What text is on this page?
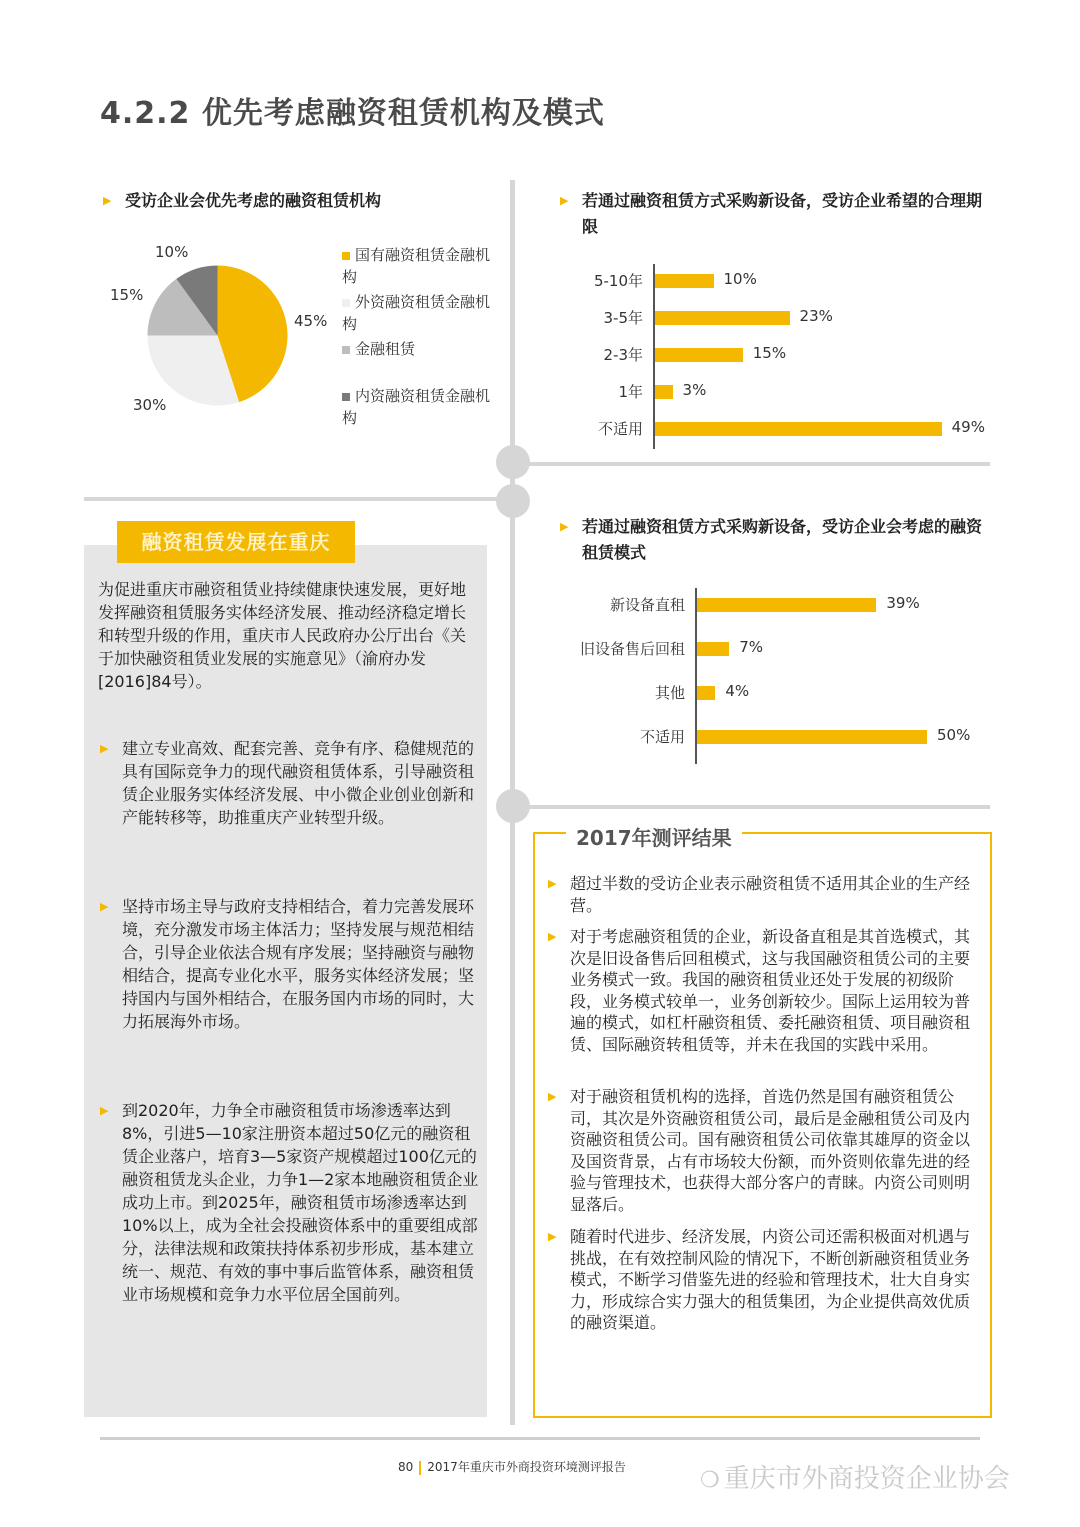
4.2.2 优先考虑融资租赁机构及模式
▶ 受访企业会优先考虑的融资租赁机构
10%
15%
45%
30%
国有融资租赁金融机构
外资融资租赁金融机构
金融租赁
内资融资租赁金融机构
▶ 若通过融资租赁方式采购新设备，受访企业希望的合理期限
5-10年	10%
3-5年	23%
2-3年	15%
1年	3%
不适用	49%
▶ 若通过融资租赁方式采购新设备，受访企业会考虑的融资租赁模式
新设备直租	39%
旧设备售后回租	7%
其他	4%
不适用	50%
融资租赁发展在重庆
为促进重庆市融资租赁业持续健康快速发展，更好地发挥融资租赁服务实体经济发展、推动经济稳定增长和转型升级的作用，重庆市人民政府办公厅出台《关于加快融资租赁业发展的实施意见》（渝府办发[2016]84号）。
▶ 建立专业高效、配套完善、竞争有序、稳健规范的具有国际竞争力的现代融资租赁体系，引导融资租赁企业服务实体经济发展、中小微企业创业创新和产能转移等，助推重庆产业转型升级。
▶ 坚持市场主导与政府支持相结合，着力完善发展环境，充分激发市场主体活力；坚持发展与规范相结合，引导企业依法合规有序发展；坚持融资与融物相结合，提高专业化水平，服务实体经济发展；坚持国内与国外相结合，在服务国内市场的同时，大力拓展海外市场。
▶ 到2020年，力争全市融资租赁市场渗透率达到8%，引进5—10家注册资本超过50亿元的融资租赁企业落户，培育3—5家资产规模超过100亿元的融资租赁龙头企业，力争1—2家本地融资租赁企业成功上市。到2025年，融资租赁市场渗透率达到10%以上，成为全社会投融资体系中的重要组成部分，法律法规和政策扶持体系初步形成，基本建立统一、规范、有效的事中事后监管体系，融资租赁业市场规模和竞争力水平位居全国前列。
2017年测评结果
▶ 超过半数的受访企业表示融资租赁不适用其企业的生产经营。
▶ 对于考虑融资租赁的企业，新设备直租是其首选模式，其次是旧设备售后回租模式，这与我国融资租赁公司的主要业务模式一致。我国的融资租赁业还处于发展的初级阶段，业务模式较单一，业务创新较少。国际上运用较为普遍的模式，如杠杆融资租赁、委托融资租赁、项目融资租赁、国际融资转租赁等，并未在我国的实践中采用。
▶ 对于融资租赁机构的选择，首选仍然是国有融资租赁公司，其次是外资融资租赁公司，最后是金融租赁公司及内资融资租赁公司。国有融资租赁公司依靠其雄厚的资金以及国资背景，占有市场较大份额，而外资则依靠先进的经验与管理技术，也获得大部分客户的青睐。内资公司则明显落后。
▶ 随着时代进步、经济发展，内资公司还需积极面对机遇与挑战，在有效控制风险的情况下，不断创新融资租赁业务模式，不断学习借鉴先进的经验和管理技术，壮大自身实力，形成综合实力强大的租赁集团，为企业提供高效优质的融资渠道。
80 2017年重庆市外商投资环境测评报告
❍ 重庆市外商投资企业协会
